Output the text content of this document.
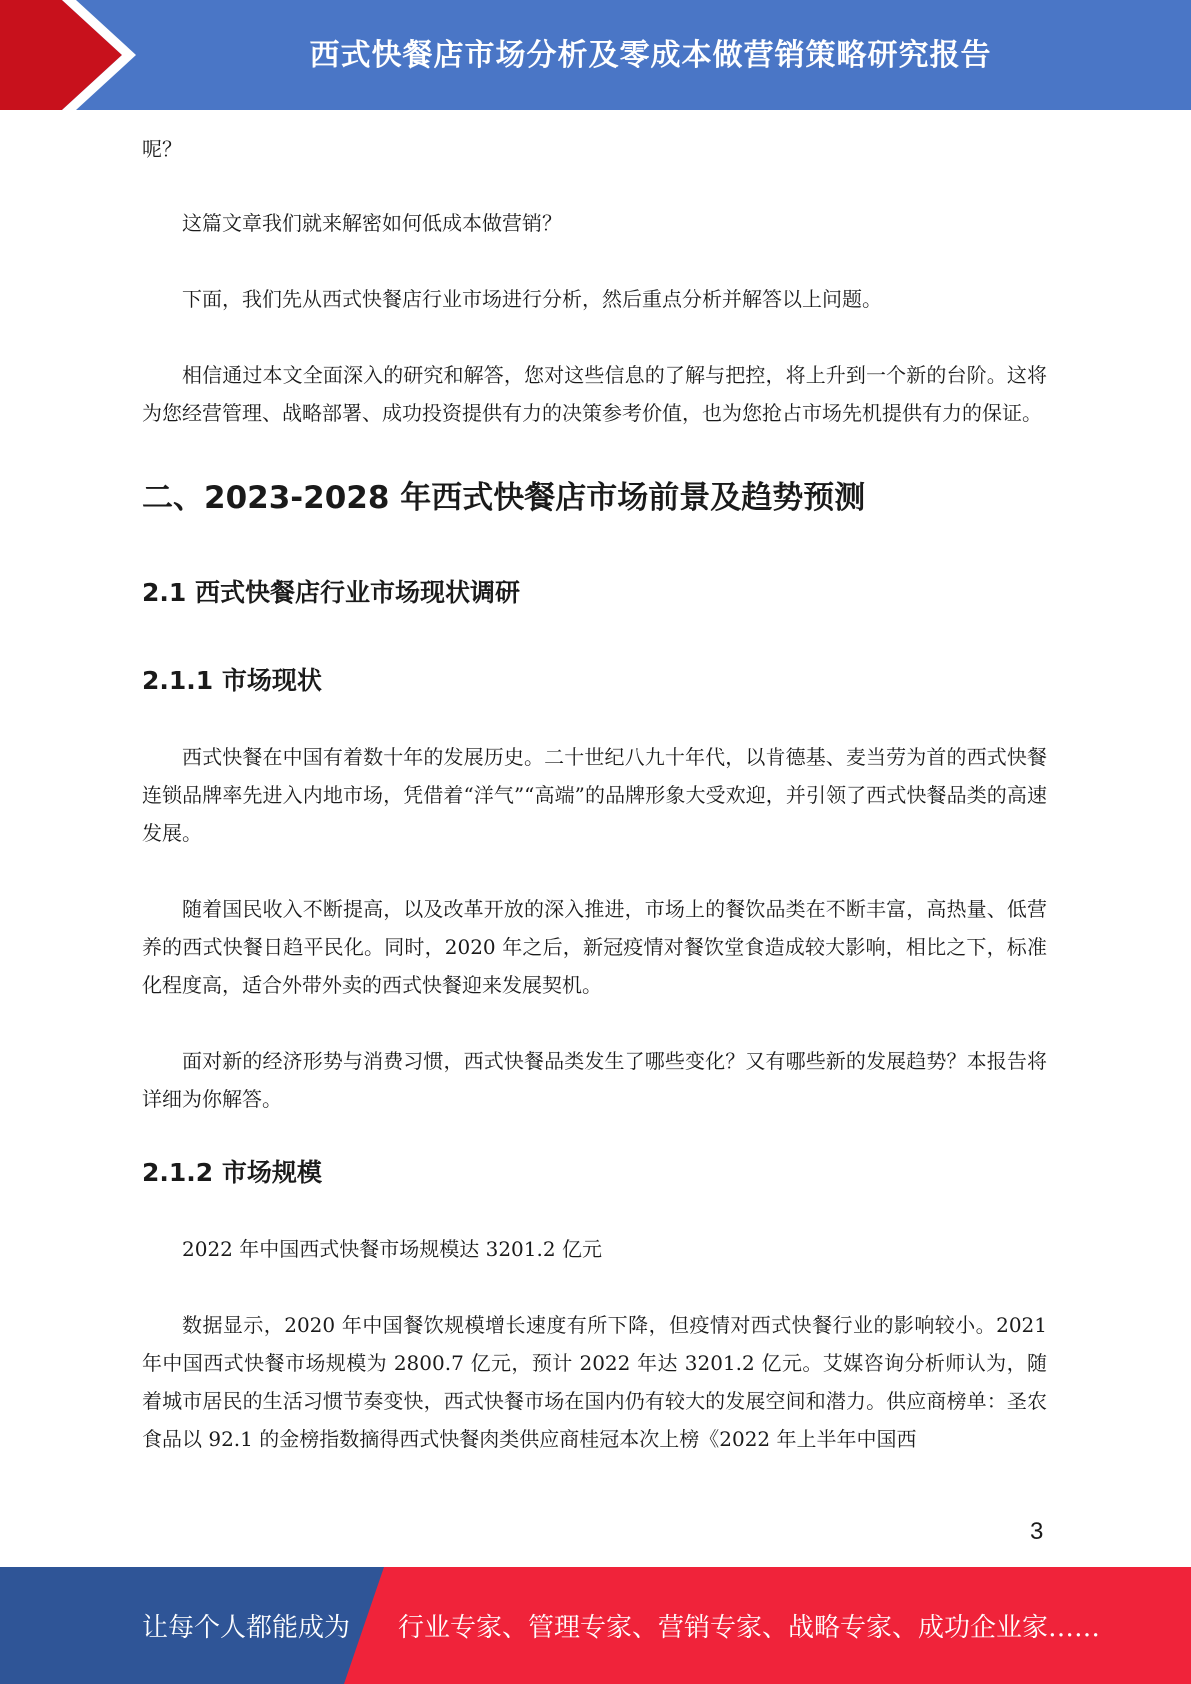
西式快餐店市场分析及零成本做营销策略研究报告

呢？

这篇文章我们就来解密如何低成本做营销？

下面，我们先从西式快餐店行业市场进行分析，然后重点分析并解答以上问题。

相信通过本文全面深入的研究和解答，您对这些信息的了解与把控，将上升到一个新的台阶。这将为您经营管理、战略部署、成功投资提供有力的决策参考价值，也为您抢占市场先机提供有力的保证。

二、2023-2028 年西式快餐店市场前景及趋势预测
2.1 西式快餐店行业市场现状调研
2.1.1 市场现状

西式快餐在中国有着数十年的发展历史。二十世纪八九十年代，以肯德基、麦当劳为首的西式快餐连锁品牌率先进入内地市场，凭借着“洋气”“高端”的品牌形象大受欢迎，并引领了西式快餐品类的高速发展。

随着国民收入不断提高，以及改革开放的深入推进，市场上的餐饮品类在不断丰富，高热量、低营养的西式快餐日趋平民化。同时，2020 年之后，新冠疫情对餐饮堂食造成较大影响，相比之下，标准化程度高，适合外带外卖的西式快餐迎来发展契机。

面对新的经济形势与消费习惯，西式快餐品类发生了哪些变化？又有哪些新的发展趋势？本报告将详细为你解答。

2.1.2 市场规模

2022 年中国西式快餐市场规模达 3201.2 亿元

数据显示，2020 年中国餐饮规模增长速度有所下降，但疫情对西式快餐行业的影响较小。2021 年中国西式快餐市场规模为 2800.7 亿元，预计 2022 年达 3201.2 亿元。艾媒咨询分析师认为，随着城市居民的生活习惯节奏变快，西式快餐市场在国内仍有较大的发展空间和潜力。供应商榜单：圣农食品以 92.1 的金榜指数摘得西式快餐肉类供应商桂冠本次上榜《2022 年上半年中国西

3
让每个人都能成为 行业专家、管理专家、营销专家、战略专家、成功企业家……
